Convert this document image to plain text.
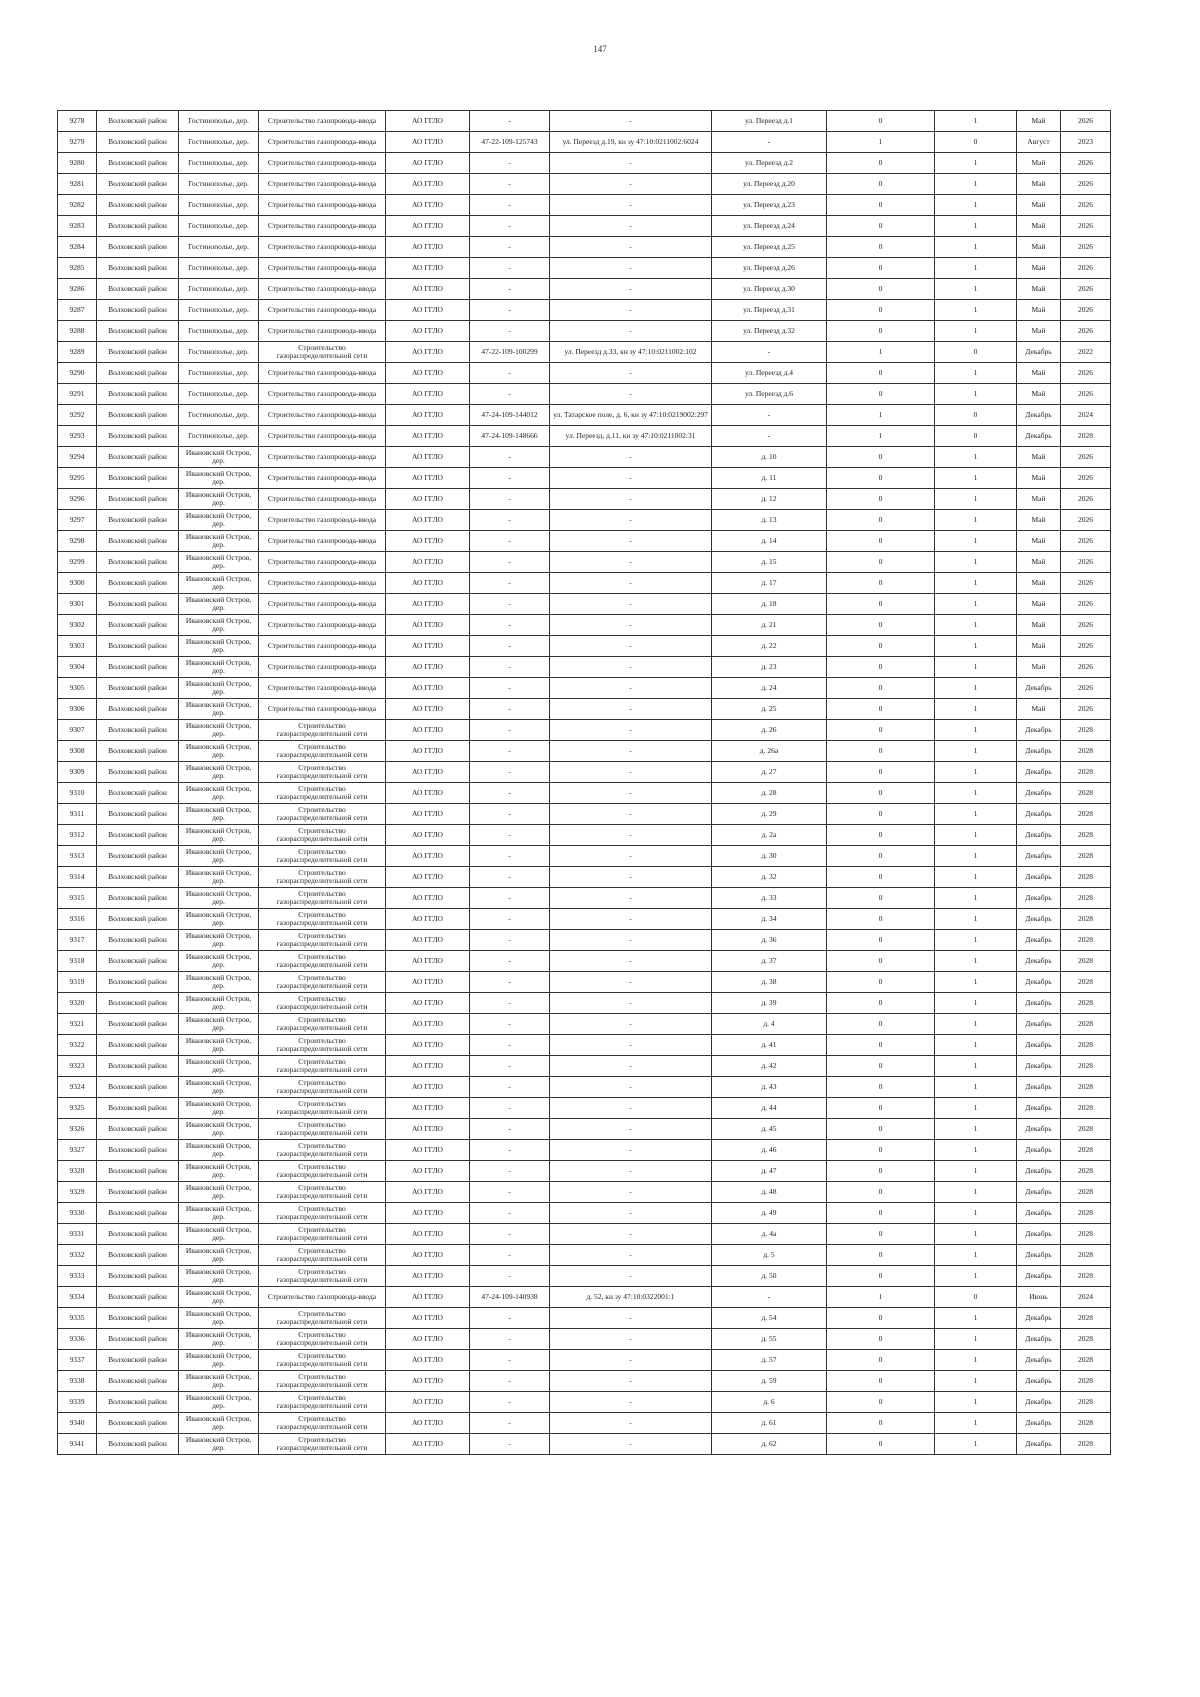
147
9278	Волховский район	Гостинополье, дер.	Строительство газопровода-ввода	АО ГГЛО	-	-	ул. Переезд д.1	0	1	Май	2026
9279	Волховский район	Гостинополье, дер.	Строительство газопровода-ввода	АО ГГЛО	47-22-109-125743	ул. Переезд д.19, кн зу 47:10:0211002:6024	-	1	0	Август	2023
9280	Волховский район	Гостинополье, дер.	Строительство газопровода-ввода	АО ГГЛО	-	-	ул. Переезд д.2	0	1	Май	2026
9281	Волховский район	Гостинополье, дер.	Строительство газопровода-ввода	АО ГГЛО	-	-	ул. Переезд д.20	0	1	Май	2026
9282	Волховский район	Гостинополье, дер.	Строительство газопровода-ввода	АО ГГЛО	-	-	ул. Переезд д.23	0	1	Май	2026
9283	Волховский район	Гостинополье, дер.	Строительство газопровода-ввода	АО ГГЛО	-	-	ул. Переезд д.24	0	1	Май	2026
9284	Волховский район	Гостинополье, дер.	Строительство газопровода-ввода	АО ГГЛО	-	-	ул. Переезд д.25	0	1	Май	2026
9285	Волховский район	Гостинополье, дер.	Строительство газопровода-ввода	АО ГГЛО	-	-	ул. Переезд д.26	0	1	Май	2026
9286	Волховский район	Гостинополье, дер.	Строительство газопровода-ввода	АО ГГЛО	-	-	ул. Переезд д.30	0	1	Май	2026
9287	Волховский район	Гостинополье, дер.	Строительство газопровода-ввода	АО ГГЛО	-	-	ул. Переезд д.31	0	1	Май	2026
9288	Волховский район	Гостинополье, дер.	Строительство газопровода-ввода	АО ГГЛО	-	-	ул. Переезд д.32	0	1	Май	2026
9289	Волховский район	Гостинополье, дер.	Строительство газораспределительной сети	АО ГГЛО	47-22-109-100299	ул. Переезд д.33, кн зу 47:10:0211002:102	-	1	0	Декабрь	2022
9290	Волховский район	Гостинополье, дер.	Строительство газопровода-ввода	АО ГГЛО	-	-	ул. Переезд д.4	0	1	Май	2026
9291	Волховский район	Гостинополье, дер.	Строительство газопровода-ввода	АО ГГЛО	-	-	ул. Переезд д.6	0	1	Май	2026
9292	Волховский район	Гостинополье, дер.	Строительство газопровода-ввода	АО ГГЛО	47-24-109-144012	ул. Татарское поле, д. 6, кн зу 47:10:0219002:297	-	1	0	Декабрь	2024
9293	Волховский район	Гостинополье, дер.	Строительство газопровода-ввода	АО ГГЛО	47-24-109-148666	ул. Переезд, д.11, кн зу 47:10:0211002:31	-	1	0	Декабрь	2028
9294	Волховский район	Ивановский Остров, дер.	Строительство газопровода-ввода	АО ГГЛО	-	-	д. 10	0	1	Май	2026
9295	Волховский район	Ивановский Остров, дер.	Строительство газопровода-ввода	АО ГГЛО	-	-	д. 11	0	1	Май	2026
9296	Волховский район	Ивановский Остров, дер.	Строительство газопровода-ввода	АО ГГЛО	-	-	д. 12	0	1	Май	2026
9297	Волховский район	Ивановский Остров, дер.	Строительство газопровода-ввода	АО ГГЛО	-	-	д. 13	0	1	Май	2026
9298	Волховский район	Ивановский Остров, дер.	Строительство газопровода-ввода	АО ГГЛО	-	-	д. 14	0	1	Май	2026
9299	Волховский район	Ивановский Остров, дер.	Строительство газопровода-ввода	АО ГГЛО	-	-	д. 15	0	1	Май	2026
9300	Волховский район	Ивановский Остров, дер.	Строительство газопровода-ввода	АО ГГЛО	-	-	д. 17	0	1	Май	2026
9301	Волховский район	Ивановский Остров, дер.	Строительство газопровода-ввода	АО ГГЛО	-	-	д. 18	0	1	Май	2026
9302	Волховский район	Ивановский Остров, дер.	Строительство газопровода-ввода	АО ГГЛО	-	-	д. 21	0	1	Май	2026
9303	Волховский район	Ивановский Остров, дер.	Строительство газопровода-ввода	АО ГГЛО	-	-	д. 22	0	1	Май	2026
9304	Волховский район	Ивановский Остров, дер.	Строительство газопровода-ввода	АО ГГЛО	-	-	д. 23	0	1	Май	2026
9305	Волховский район	Ивановский Остров, дер.	Строительство газопровода-ввода	АО ГГЛО	-	-	д. 24	0	1	Декабрь	2026
9306	Волховский район	Ивановский Остров, дер.	Строительство газопровода-ввода	АО ГГЛО	-	-	д. 25	0	1	Май	2026
9307	Волховский район	Ивановский Остров, дер.	Строительство газораспределительной сети	АО ГГЛО	-	-	д. 26	0	1	Декабрь	2028
9308	Волховский район	Ивановский Остров, дер.	Строительство газораспределительной сети	АО ГГЛО	-	-	д. 26а	0	1	Декабрь	2028
9309	Волховский район	Ивановский Остров, дер.	Строительство газораспределительной сети	АО ГГЛО	-	-	д. 27	0	1	Декабрь	2028
9310	Волховский район	Ивановский Остров, дер.	Строительство газораспределительной сети	АО ГГЛО	-	-	д. 28	0	1	Декабрь	2028
9311	Волховский район	Ивановский Остров, дер.	Строительство газораспределительной сети	АО ГГЛО	-	-	д. 29	0	1	Декабрь	2028
9312	Волховский район	Ивановский Остров, дер.	Строительство газораспределительной сети	АО ГГЛО	-	-	д. 2а	0	1	Декабрь	2028
9313	Волховский район	Ивановский Остров, дер.	Строительство газораспределительной сети	АО ГГЛО	-	-	д. 30	0	1	Декабрь	2028
9314	Волховский район	Ивановский Остров, дер.	Строительство газораспределительной сети	АО ГГЛО	-	-	д. 32	0	1	Декабрь	2028
9315	Волховский район	Ивановский Остров, дер.	Строительство газораспределительной сети	АО ГГЛО	-	-	д. 33	0	1	Декабрь	2028
9316	Волховский район	Ивановский Остров, дер.	Строительство газораспределительной сети	АО ГГЛО	-	-	д. 34	0	1	Декабрь	2028
9317	Волховский район	Ивановский Остров, дер.	Строительство газораспределительной сети	АО ГГЛО	-	-	д. 36	0	1	Декабрь	2028
9318	Волховский район	Ивановский Остров, дер.	Строительство газораспределительной сети	АО ГГЛО	-	-	д. 37	0	1	Декабрь	2028
9319	Волховский район	Ивановский Остров, дер.	Строительство газораспределительной сети	АО ГГЛО	-	-	д. 38	0	1	Декабрь	2028
9320	Волховский район	Ивановский Остров, дер.	Строительство газораспределительной сети	АО ГГЛО	-	-	д. 39	0	1	Декабрь	2028
9321	Волховский район	Ивановский Остров, дер.	Строительство газораспределительной сети	АО ГГЛО	-	-	д. 4	0	1	Декабрь	2028
9322	Волховский район	Ивановский Остров, дер.	Строительство газораспределительной сети	АО ГГЛО	-	-	д. 41	0	1	Декабрь	2028
9323	Волховский район	Ивановский Остров, дер.	Строительство газораспределительной сети	АО ГГЛО	-	-	д. 42	0	1	Декабрь	2028
9324	Волховский район	Ивановский Остров, дер.	Строительство газораспределительной сети	АО ГГЛО	-	-	д. 43	0	1	Декабрь	2028
9325	Волховский район	Ивановский Остров, дер.	Строительство газораспределительной сети	АО ГГЛО	-	-	д. 44	0	1	Декабрь	2028
9326	Волховский район	Ивановский Остров, дер.	Строительство газораспределительной сети	АО ГГЛО	-	-	д. 45	0	1	Декабрь	2028
9327	Волховский район	Ивановский Остров, дер.	Строительство газораспределительной сети	АО ГГЛО	-	-	д. 46	0	1	Декабрь	2028
9328	Волховский район	Ивановский Остров, дер.	Строительство газораспределительной сети	АО ГГЛО	-	-	д. 47	0	1	Декабрь	2028
9329	Волховский район	Ивановский Остров, дер.	Строительство газораспределительной сети	АО ГГЛО	-	-	д. 48	0	1	Декабрь	2028
9330	Волховский район	Ивановский Остров, дер.	Строительство газораспределительной сети	АО ГГЛО	-	-	д. 49	0	1	Декабрь	2028
9331	Волховский район	Ивановский Остров, дер.	Строительство газораспределительной сети	АО ГГЛО	-	-	д. 4а	0	1	Декабрь	2028
9332	Волховский район	Ивановский Остров, дер.	Строительство газораспределительной сети	АО ГГЛО	-	-	д. 5	0	1	Декабрь	2028
9333	Волховский район	Ивановский Остров, дер.	Строительство газораспределительной сети	АО ГГЛО	-	-	д. 50	0	1	Декабрь	2028
9334	Волховский район	Ивановский Остров, дер.	Строительство газопровода-ввода	АО ГГЛО	47-24-109-140938	д. 52, кн зу 47:10:0322001:1	-	1	0	Июнь	2024
9335	Волховский район	Ивановский Остров, дер.	Строительство газораспределительной сети	АО ГГЛО	-	-	д. 54	0	1	Декабрь	2028
9336	Волховский район	Ивановский Остров, дер.	Строительство газораспределительной сети	АО ГГЛО	-	-	д. 55	0	1	Декабрь	2028
9337	Волховский район	Ивановский Остров, дер.	Строительство газораспределительной сети	АО ГГЛО	-	-	д. 57	0	1	Декабрь	2028
9338	Волховский район	Ивановский Остров, дер.	Строительство газораспределительной сети	АО ГГЛО	-	-	д. 59	0	1	Декабрь	2028
9339	Волховский район	Ивановский Остров, дер.	Строительство газораспределительной сети	АО ГГЛО	-	-	д. 6	0	1	Декабрь	2028
9340	Волховский район	Ивановский Остров, дер.	Строительство газораспределительной сети	АО ГГЛО	-	-	д. 61	0	1	Декабрь	2028
9341	Волховский район	Ивановский Остров, дер.	Строительство газораспределительной сети	АО ГГЛО	-	-	д. 62	0	1	Декабрь	2028
